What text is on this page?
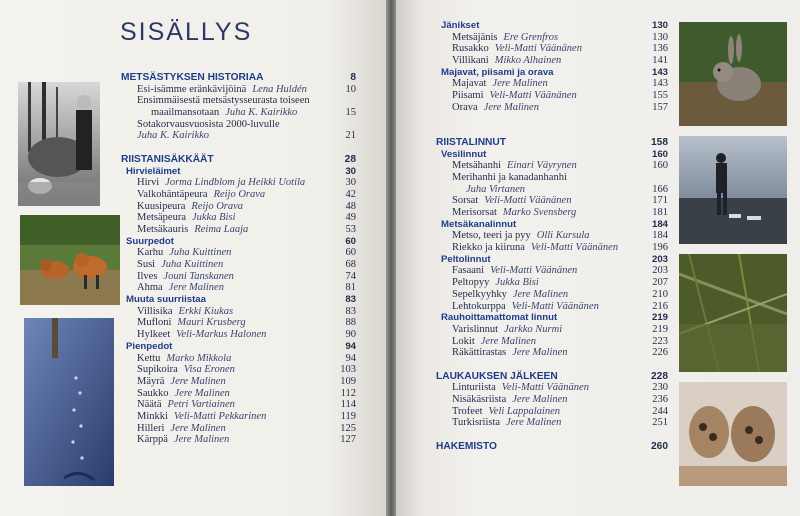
SISÄLLYS
METSÄSTYKSEN HISTORIAA	8
Esi-isämme eränkävijöinä Lena Huldén	10
Ensimmäisestä metsästysseurasta toiseen
maailmansotaan Juha K. Kairikko	15
Sotakorvausvuosista 2000-luvulle
Juha K. Kairikko	21
RIISTANISÄKKÄÄT	28
Hirvieläimet	30
Hirvi Jorma Lindblom ja Heikki Uotila	30
Valkohäntäpeura Reijo Orava	42
Kuusipeura Reijo Orava	48
Metsäpeura Jukka Bisi	49
Metsäkauris Reima Laaja	53
Suurpedot	60
Karhu Juha Kuittinen	60
Susi Juha Kuittinen	68
Ilves Jouni Tanskanen	74
Ahma Jere Malinen	81
Muuta suurriistaa	83
Villisika Erkki Kiukas	83
Mufloni Mauri Krusberg	88
Hylkeet Veli-Markus Halonen	90
Pienpedot	94
Kettu Marko Mikkola	94
Supikoira Visa Eronen	103
Mäyrä Jere Malinen	109
Saukko Jere Malinen	112
Näätä Petri Vartiainen	114
Minkki Veli-Matti Pekkarinen	119
Hilleri Jere Malinen	125
Kärppä Jere Malinen	127
Jänikset	130
Metsäjänis Ere Grenfros	130
Rusakko Veli-Matti Väänänen	136
Villikani Mikko Alhainen	141
Majavat, piisami ja orava	143
Majavat Jere Malinen	143
Piisami Veli-Matti Väänänen	155
Orava Jere Malinen	157
RIISTALINNUT	158
Vesilinnut	160
Metsähanhi Einari Väyrynen	160
Merihanhi ja kanadanhanhi
Juha Virtanen	166
Sorsat Veli-Matti Väänänen	171
Merisorsat Marko Svensberg	181
Metsäkanalinnut	184
Metso, teeri ja pyy Olli Kursula	184
Riekko ja kiiruna Veli-Matti Väänänen	196
Peltolinnut	203
Fasaani Veli-Matti Väänänen	203
Peltopyy Jukka Bisi	207
Sepelkyyhky Jere Malinen	210
Lehtokurppa Veli-Matti Väänänen	216
Rauhoittamattomat linnut	219
Varislinnut Jarkko Nurmi	219
Lokit Jere Malinen	223
Räkättirastas Jere Malinen	226
LAUKAUKSEN JÄLKEEN	228
Linturiista Veli-Matti Väänänen	230
Nisäkäsriista Jere Malinen	236
Trofeet Veli Lappalainen	244
Turkisriista Jere Malinen	251
HAKEMISTO	260
